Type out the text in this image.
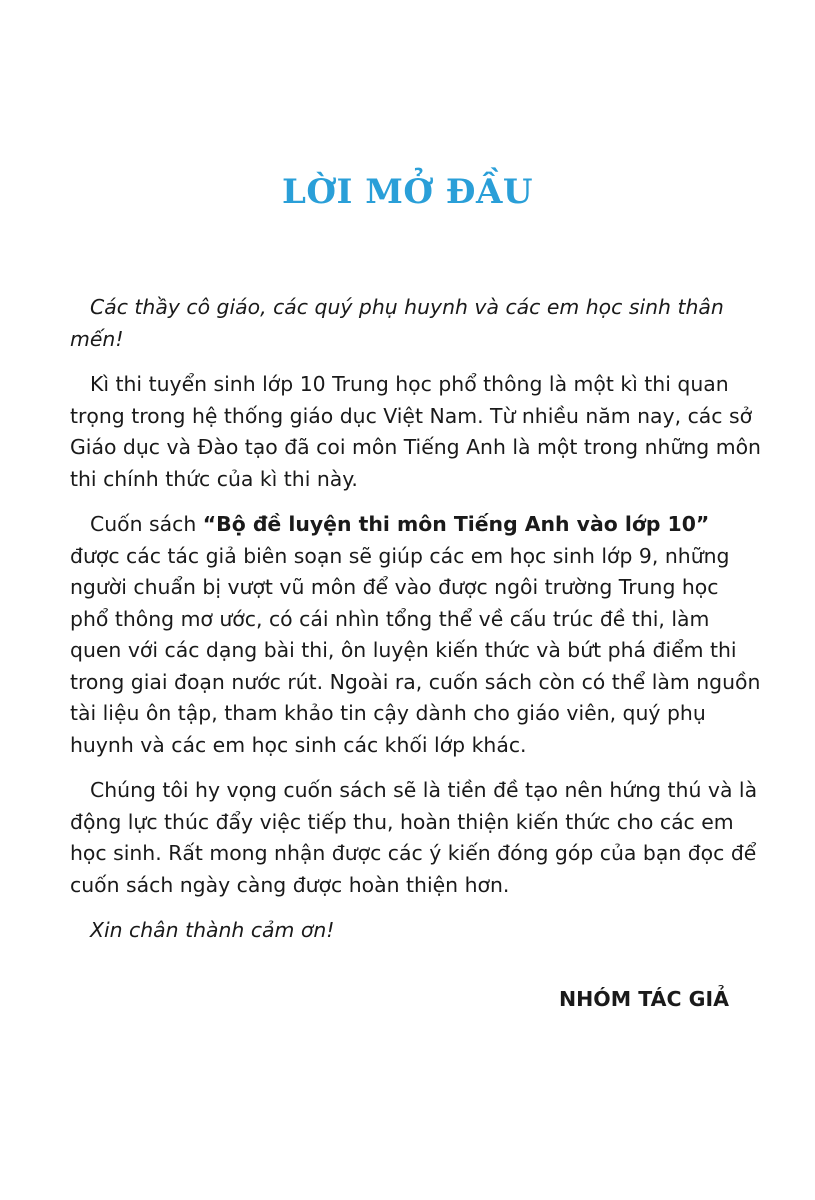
LỜI MỞ ĐẦU

Các thầy cô giáo, các quý phụ huynh và các em học sinh thân mến!

Kì thi tuyển sinh lớp 10 Trung học phổ thông là một kì thi quan trọng trong hệ thống giáo dục Việt Nam. Từ nhiều năm nay, các sở Giáo dục và Đào tạo đã coi môn Tiếng Anh là một trong những môn thi chính thức của kì thi này.

Cuốn sách “Bộ đề luyện thi môn Tiếng Anh vào lớp 10” được các tác giả biên soạn sẽ giúp các em học sinh lớp 9, những người chuẩn bị vượt vũ môn để vào được ngôi trường Trung học phổ thông mơ ước, có cái nhìn tổng thể về cấu trúc đề thi, làm quen với các dạng bài thi, ôn luyện kiến thức và bứt phá điểm thi trong giai đoạn nước rút. Ngoài ra, cuốn sách còn có thể làm nguồn tài liệu ôn tập, tham khảo tin cậy dành cho giáo viên, quý phụ huynh và các em học sinh các khối lớp khác.

Chúng tôi hy vọng cuốn sách sẽ là tiền đề tạo nên hứng thú và là động lực thúc đẩy việc tiếp thu, hoàn thiện kiến thức cho các em học sinh. Rất mong nhận được các ý kiến đóng góp của bạn đọc để cuốn sách ngày càng được hoàn thiện hơn.

Xin chân thành cảm ơn!

NHÓM TÁC GIẢ
